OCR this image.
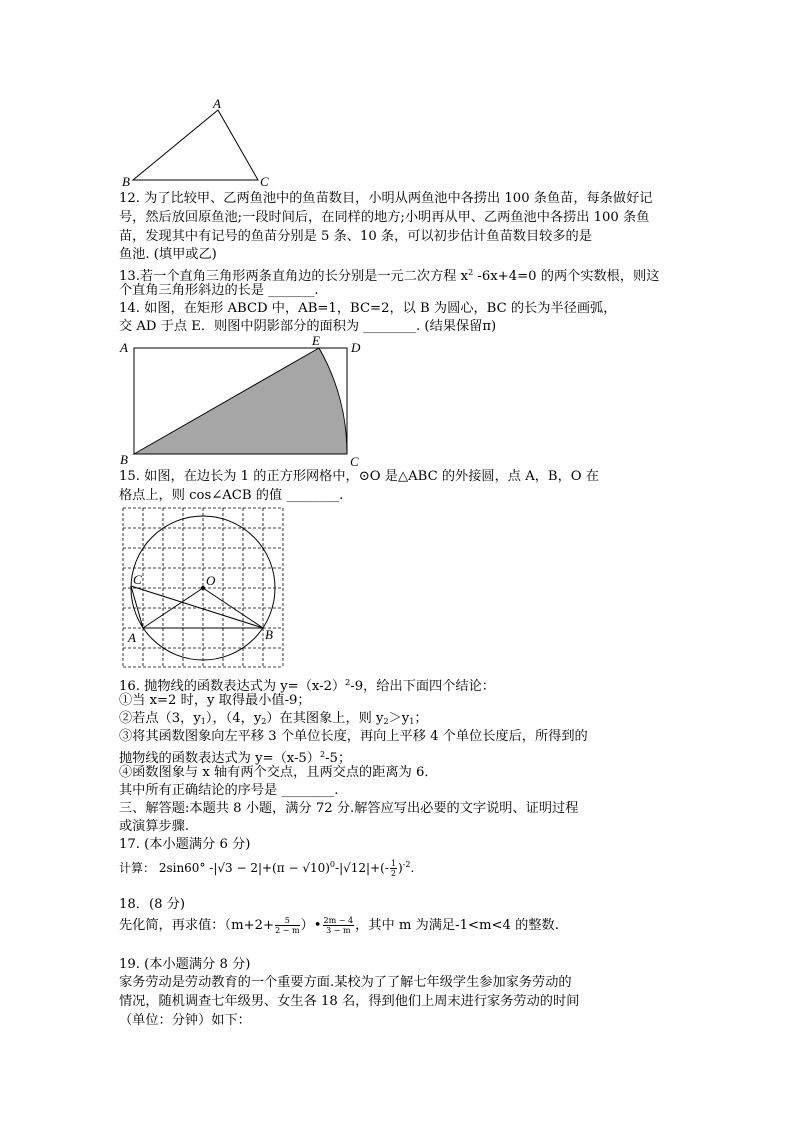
A
B	C
12. 为了比较甲、乙两鱼池中的鱼苗数目，小明从两鱼池中各捞出 100 条鱼苗，每条做好记
号，然后放回原鱼池;一段时间后，在同样的地方;小明再从甲、乙两鱼池中各捞出 100 条鱼
苗，发现其中有记号的鱼苗分别是 5 条、10 条，可以初步估计鱼苗数目较多的是
鱼池. (填甲或乙)
13.若一个直角三角形两条直角边的长分别是一元二次方程 $x^2$ -6x+4=0 的两个实数根，则这
个直角三角形斜边的长是 _______.
14. 如图，在矩形 ABCD 中，AB=1，BC=2，以 B 为圆心，BC 的长为半径画弧，
交 AD 于点 E．则图中阴影部分的面积为 ________. (结果保留π)
A	E D
B	C
15. 如图，在边长为 1 的正方形网格中，⊙O 是△ABC 的外接圆，点 A，B，O 在
格点上，则 cos∠ACB 的值 ________.
C	O
A	B
16. 抛物线的函数表达式为 $y=(x-2)^2-9$，给出下面四个结论：
①当 x=2 时，y 取得最小值-9；
②若点（3，$y_1$），（4，$y_2$）在其图象上，则 $y_2>y_1$；
③将其函数图象向左平移 3 个单位长度，再向上平移 4 个单位长度后，所得到的
抛物线的函数表达式为 $y=(x-5)^2-5$；
④函数图象与 x 轴有两个交点，且两交点的距离为 6．
其中所有正确结论的序号是 ________.
三、解答题:本题共 8 小题，满分 72 分.解答应写出必要的文字说明、证明过程
或演算步骤.
17. (本小题满分 6 分)
计算： 2sin60° $-|√3 - 2|+(\pi - √10)^0-|√12|+(- \frac{1}{2} )^{-2}$.
18．(8 分)
先化简，再求值：（$m+2+ \frac{5}{2 - m}$ ）• $\frac{2m - 4}{3 - m}$ ，其中 m 为满足-1<m<4 的整数.
19. (本小题满分 8 分)
家务劳动是劳动教育的一个重要方面.某校为了了解七年级学生参加家务劳动的
情况，随机调查七年级男、女生各 18 名，得到他们上周末进行家务劳动的时间
（单位：分钟）如下：
